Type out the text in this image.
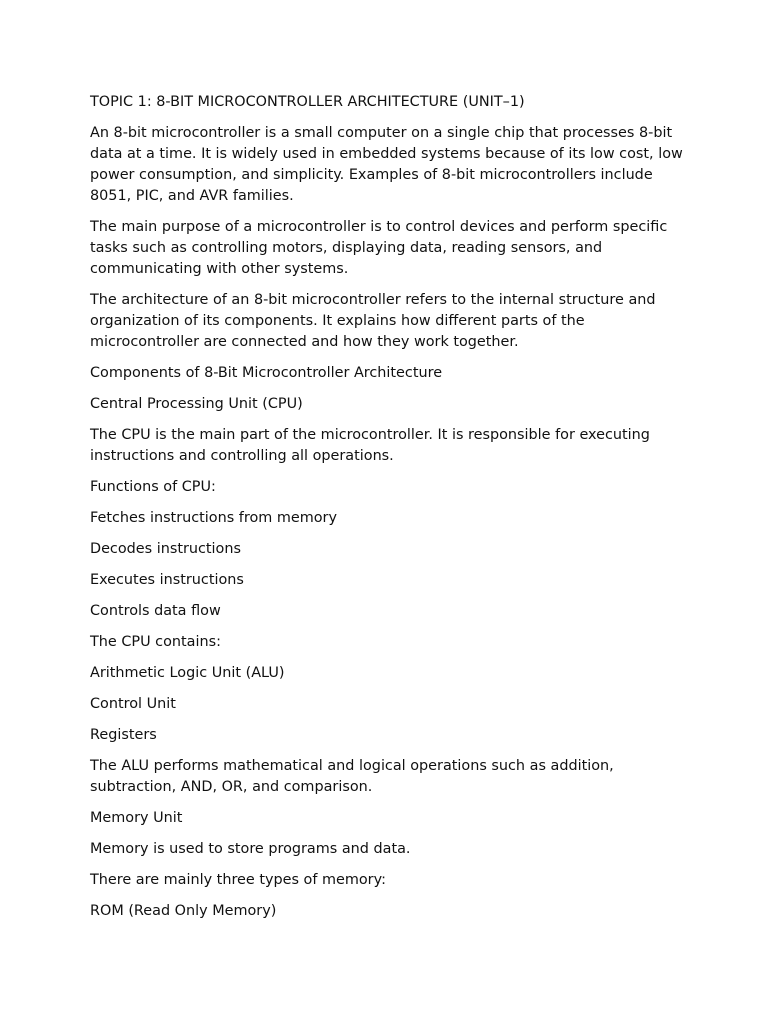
TOPIC 1: 8-BIT MICROCONTROLLER ARCHITECTURE (UNIT–1)

An 8-bit microcontroller is a small computer on a single chip that processes 8-bit data at a time. It is widely used in embedded systems because of its low cost, low power consumption, and simplicity. Examples of 8-bit microcontrollers include 8051, PIC, and AVR families.

The main purpose of a microcontroller is to control devices and perform specific tasks such as controlling motors, displaying data, reading sensors, and communicating with other systems.

The architecture of an 8-bit microcontroller refers to the internal structure and organization of its components. It explains how different parts of the microcontroller are connected and how they work together.

Components of 8-Bit Microcontroller Architecture

Central Processing Unit (CPU)

The CPU is the main part of the microcontroller. It is responsible for executing instructions and controlling all operations.

Functions of CPU:

Fetches instructions from memory

Decodes instructions

Executes instructions

Controls data flow

The CPU contains:

Arithmetic Logic Unit (ALU)

Control Unit

Registers

The ALU performs mathematical and logical operations such as addition, subtraction, AND, OR, and comparison.

Memory Unit

Memory is used to store programs and data.

There are mainly three types of memory:

ROM (Read Only Memory)
